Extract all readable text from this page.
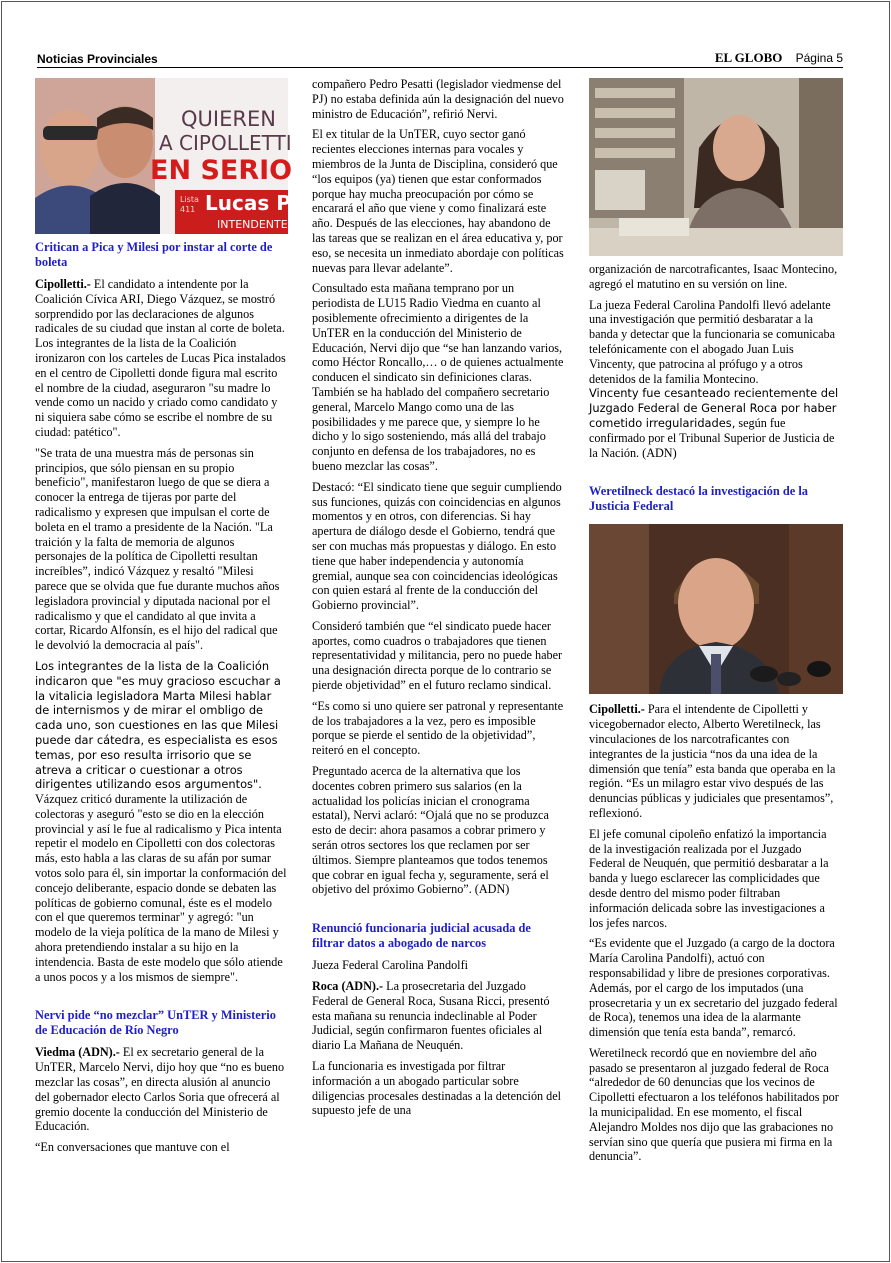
Noticias Provinciales	EL GLOBO Página 5
QUIEREN
A CIPOLLETTI
EN SERIO
Lista
411 Lucas Pica
INTENDENTE
Critican a Pica y Milesi por instar al corte de boleta

Cipolletti.- El candidato a intendente por la Coalición Cívica ARI, Diego Vázquez, se mostró sorprendido por las declaraciones de algunos radicales de su ciudad que instan al corte de boleta. Los integrantes de la lista de la Coalición ironizaron con los carteles de Lucas Pica instalados en el centro de Cipolletti donde figura mal escrito el nombre de la ciudad, aseguraron "su madre lo vende como un nacido y criado como candidato y ni siquiera sabe cómo se escribe el nombre de su ciudad: patético".

"Se trata de una muestra más de personas sin principios, que sólo piensan en su propio beneficio", manifestaron luego de que se diera a conocer la entrega de tijeras por parte del radicalismo y expresen que impulsan el corte de boleta en el tramo a presidente de la Nación. "La traición y la falta de memoria de algunos personajes de la política de Cipolletti resultan increíbles”, indicó Vázquez y resaltó "Milesi parece que se olvida que fue durante muchos años legisladora provincial y diputada nacional por el radicalismo y que el candidato al que invita a cortar, Ricardo Alfonsín, es el hijo del radical que le devolvió la democracia al país".

Los integrantes de la lista de la Coalición indicaron que "es muy gracioso escuchar a la vitalicia legisladora Marta Milesi hablar de internismos y de mirar el ombligo de cada uno, son cuestiones en las que Milesi puede dar cátedra, es especialista es esos temas, por eso resulta irrisorio que se atreva a criticar o cuestionar a otros dirigentes utilizando esos argumentos".

Vázquez criticó duramente la utilización de colectoras y aseguró "esto se dio en la elección provincial y así le fue al radicalismo y Pica intenta repetir el modelo en Cipolletti con dos colectoras más, esto habla a las claras de su afán por sumar votos solo para él, sin importar la conformación del concejo deliberante, espacio donde se debaten las políticas de gobierno comunal, éste es el modelo con el que queremos terminar" y agregó: "un modelo de la vieja política de la mano de Milesi y ahora pretendiendo instalar a su hijo en la intendencia. Basta de este modelo que sólo atiende a unos pocos y a los mismos de siempre".

Nervi pide “no mezclar” UnTER y Ministerio de Educación de Río Negro

Viedma (ADN).- El ex secretario general de la UnTER, Marcelo Nervi, dijo hoy que “no es bueno mezclar las cosas”, en directa alusión al anuncio del gobernador electo Carlos Soria que ofrecerá al gremio docente la conducción del Ministerio de Educación.

“En conversaciones que mantuve con el

compañero Pedro Pesatti (legislador viedmense del PJ) no estaba definida aún la designación del nuevo ministro de Educación”, refirió Nervi.

El ex titular de la UnTER, cuyo sector ganó recientes elecciones internas para vocales y miembros de la Junta de Disciplina, consideró que “los equipos (ya) tienen que estar conformados porque hay mucha preocupación por cómo se encarará el año que viene y como finalizará este año. Después de las elecciones, hay abandono de las tareas que se realizan en el área educativa y, por eso, se necesita un inmediato abordaje con políticas nuevas para llevar adelante”.

Consultado esta mañana temprano por un periodista de LU15 Radio Viedma en cuanto al posiblemente ofrecimiento a dirigentes de la UnTER en la conducción del Ministerio de Educación, Nervi dijo que “se han lanzando varios, como Héctor Roncallo,… o de quienes actualmente conducen el sindicato sin definiciones claras. También se ha hablado del compañero secretario general, Marcelo Mango como una de las posibilidades y me parece que, y siempre lo he dicho y lo sigo sosteniendo, más allá del trabajo conjunto en defensa de los trabajadores, no es bueno mezclar las cosas”.

Destacó: “El sindicato tiene que seguir cumpliendo sus funciones, quizás con coincidencias en algunos momentos y en otros, con diferencias. Si hay apertura de diálogo desde el Gobierno, tendrá que ser con muchas más propuestas y diálogo. En esto tiene que haber independencia y autonomía gremial, aunque sea con coincidencias ideológicas con quien estará al frente de la conducción del Gobierno provincial”.

Consideró también que “el sindicato puede hacer aportes, como cuadros o trabajadores que tienen representatividad y militancia, pero no puede haber una designación directa porque de lo contrario se pierde objetividad” en el futuro reclamo sindical.

“Es como si uno quiere ser patronal y representante de los trabajadores a la vez, pero es imposible porque se pierde el sentido de la objetividad”, reiteró en el concepto.

Preguntado acerca de la alternativa que los docentes cobren primero sus salarios (en la actualidad los policías inician el cronograma estatal), Nervi aclaró: “Ojalá que no se produzca esto de decir: ahora pasamos a cobrar primero y serán otros sectores los que reclamen por ser últimos. Siempre planteamos que todos tenemos que cobrar en igual fecha y, seguramente, será el objetivo del próximo Gobierno”. (ADN)

Renunció funcionaria judicial acusada de filtrar datos a abogado de narcos

Jueza Federal Carolina Pandolfi

Roca (ADN).- La prosecretaria del Juzgado Federal de General Roca, Susana Ricci, presentó esta mañana su renuncia indeclinable al Poder Judicial, según confirmaron fuentes oficiales al diario La Mañana de Neuquén.

La funcionaria es investigada por filtrar información a un abogado particular sobre diligencias procesales destinadas a la detención del supuesto jefe de una

organización de narcotraficantes, Isaac Montecino, agregó el matutino en su versión on line.

La jueza Federal Carolina Pandolfi llevó adelante una investigación que permitió desbaratar a la banda y detectar que la funcionaria se comunicaba telefónicamente con el abogado Juan Luis Vincenty, que patrocina al prófugo y a otros detenidos de la familia Montecino.

Vincenty fue cesanteado recientemente del Juzgado Federal de General Roca por haber cometido irregularidades, según fue confirmado por el Tribunal Superior de Justicia de la Nación. (ADN)

Weretilneck destacó la investigación de la Justicia Federal

Cipolletti.- Para el intendente de Cipolletti y vicegobernador electo, Alberto Weretilneck, las vinculaciones de los narcotraficantes con integrantes de la justicia “nos da una idea de la dimensión que tenía” esta banda que operaba en la región. “Es un milagro estar vivo después de las denuncias públicas y judiciales que presentamos”, reflexionó.

El jefe comunal cipoleño enfatizó la importancia de la investigación realizada por el Juzgado Federal de Neuquén, que permitió desbaratar a la banda y luego esclarecer las complicidades que desde dentro del mismo poder filtraban información delicada sobre las investigaciones a los jefes narcos.

“Es evidente que el Juzgado (a cargo de la doctora María Carolina Pandolfi), actuó con responsabilidad y libre de presiones corporativas. Además, por el cargo de los imputados (una prosecretaria y un ex secretario del juzgado federal de Roca), tenemos una idea de la alarmante dimensión que tenía esta banda”, remarcó.

Weretilneck recordó que en noviembre del año pasado se presentaron al juzgado federal de Roca “alrededor de 60 denuncias que los vecinos de Cipolletti efectuaron a los teléfonos habilitados por la municipalidad. En ese momento, el fiscal Alejandro Moldes nos dijo que las grabaciones no servían sino que quería que pusiera mi firma en la denuncia”.
